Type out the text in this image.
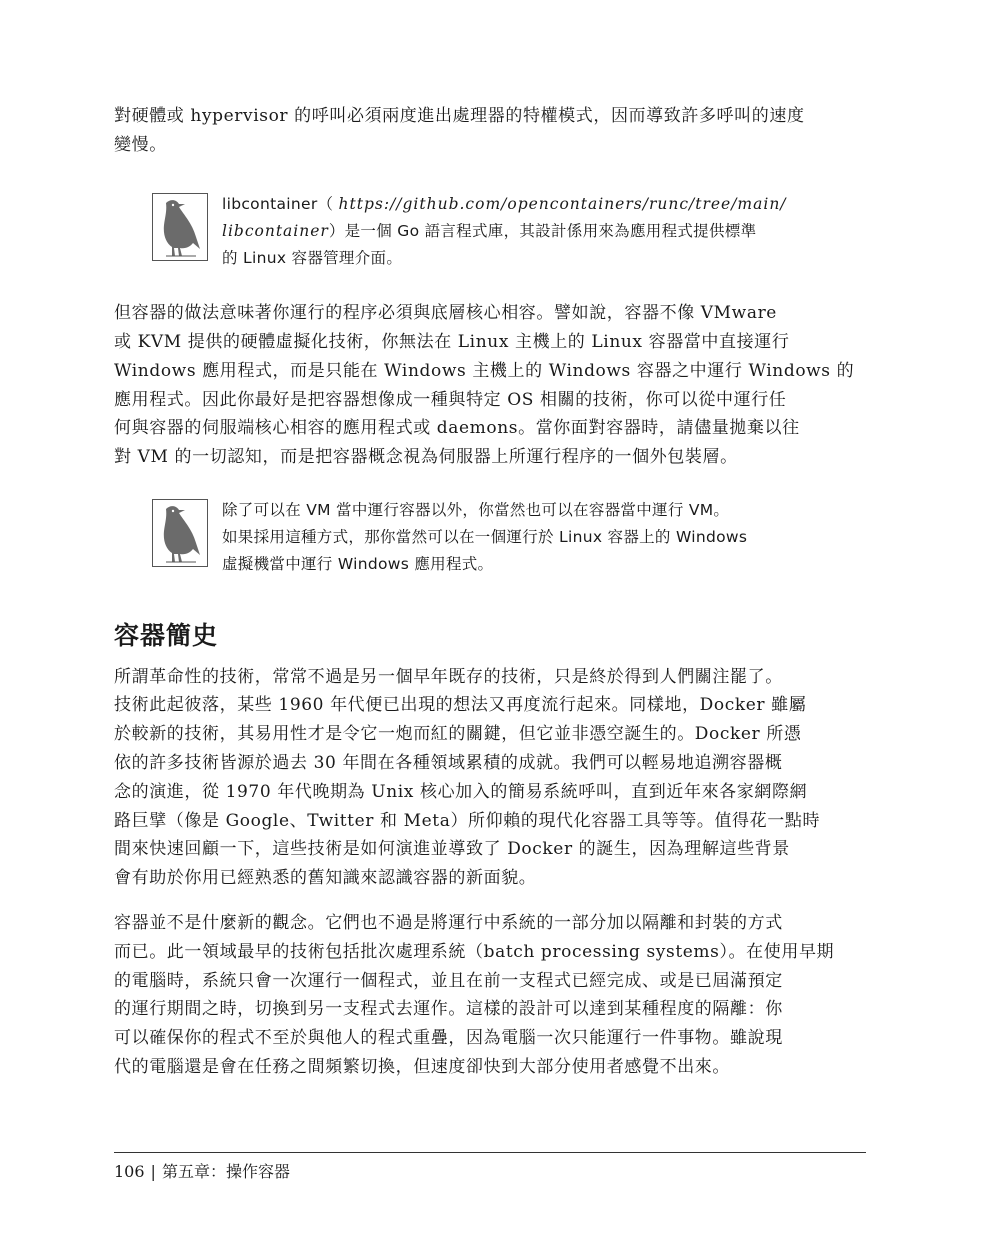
對硬體或 hypervisor 的呼叫必須兩度進出處理器的特權模式，因而導致許多呼叫的速度
變慢。

libcontainer（ https://github.com/opencontainers/runc/tree/main/
libcontainer）是一個 Go 語言程式庫，其設計係用來為應用程式提供標準
的 Linux 容器管理介面。

但容器的做法意味著你運行的程序必須與底層核心相容。譬如說，容器不像 VMware
或 KVM 提供的硬體虛擬化技術，你無法在 Linux 主機上的 Linux 容器當中直接運行
Windows 應用程式，而是只能在 Windows 主機上的 Windows 容器之中運行 Windows 的
應用程式。因此你最好是把容器想像成一種與特定 OS 相關的技術，你可以從中運行任
何與容器的伺服端核心相容的應用程式或 daemons。當你面對容器時，請儘量拋棄以往
對 VM 的一切認知，而是把容器概念視為伺服器上所運行程序的一個外包裝層。

除了可以在 VM 當中運行容器以外，你當然也可以在容器當中運行 VM。
如果採用這種方式，那你當然可以在一個運行於 Linux 容器上的 Windows
虛擬機當中運行 Windows 應用程式。
容器簡史

所謂革命性的技術，常常不過是另一個早年既存的技術，只是終於得到人們關注罷了。
技術此起彼落，某些 1960 年代便已出現的想法又再度流行起來。同樣地，Docker 雖屬
於較新的技術，其易用性才是令它一炮而紅的關鍵，但它並非憑空誕生的。Docker 所憑
依的許多技術皆源於過去 30 年間在各種領域累積的成就。我們可以輕易地追溯容器概
念的演進，從 1970 年代晚期為 Unix 核心加入的簡易系統呼叫，直到近年來各家網際網
路巨擘（像是 Google、Twitter 和 Meta）所仰賴的現代化容器工具等等。值得花一點時
間來快速回顧一下，這些技術是如何演進並導致了 Docker 的誕生，因為理解這些背景
會有助於你用已經熟悉的舊知識來認識容器的新面貌。

容器並不是什麼新的觀念。它們也不過是將運行中系統的一部分加以隔離和封裝的方式
而已。此一領域最早的技術包括批次處理系統（batch processing systems）。在使用早期
的電腦時，系統只會一次運行一個程式，並且在前一支程式已經完成、或是已屆滿預定
的運行期間之時，切換到另一支程式去運作。這樣的設計可以達到某種程度的隔離：你
可以確保你的程式不至於與他人的程式重疊，因為電腦一次只能運行一件事物。雖說現
代的電腦還是會在任務之間頻繁切換，但速度卻快到大部分使用者感覺不出來。

106 | 第五章：操作容器
